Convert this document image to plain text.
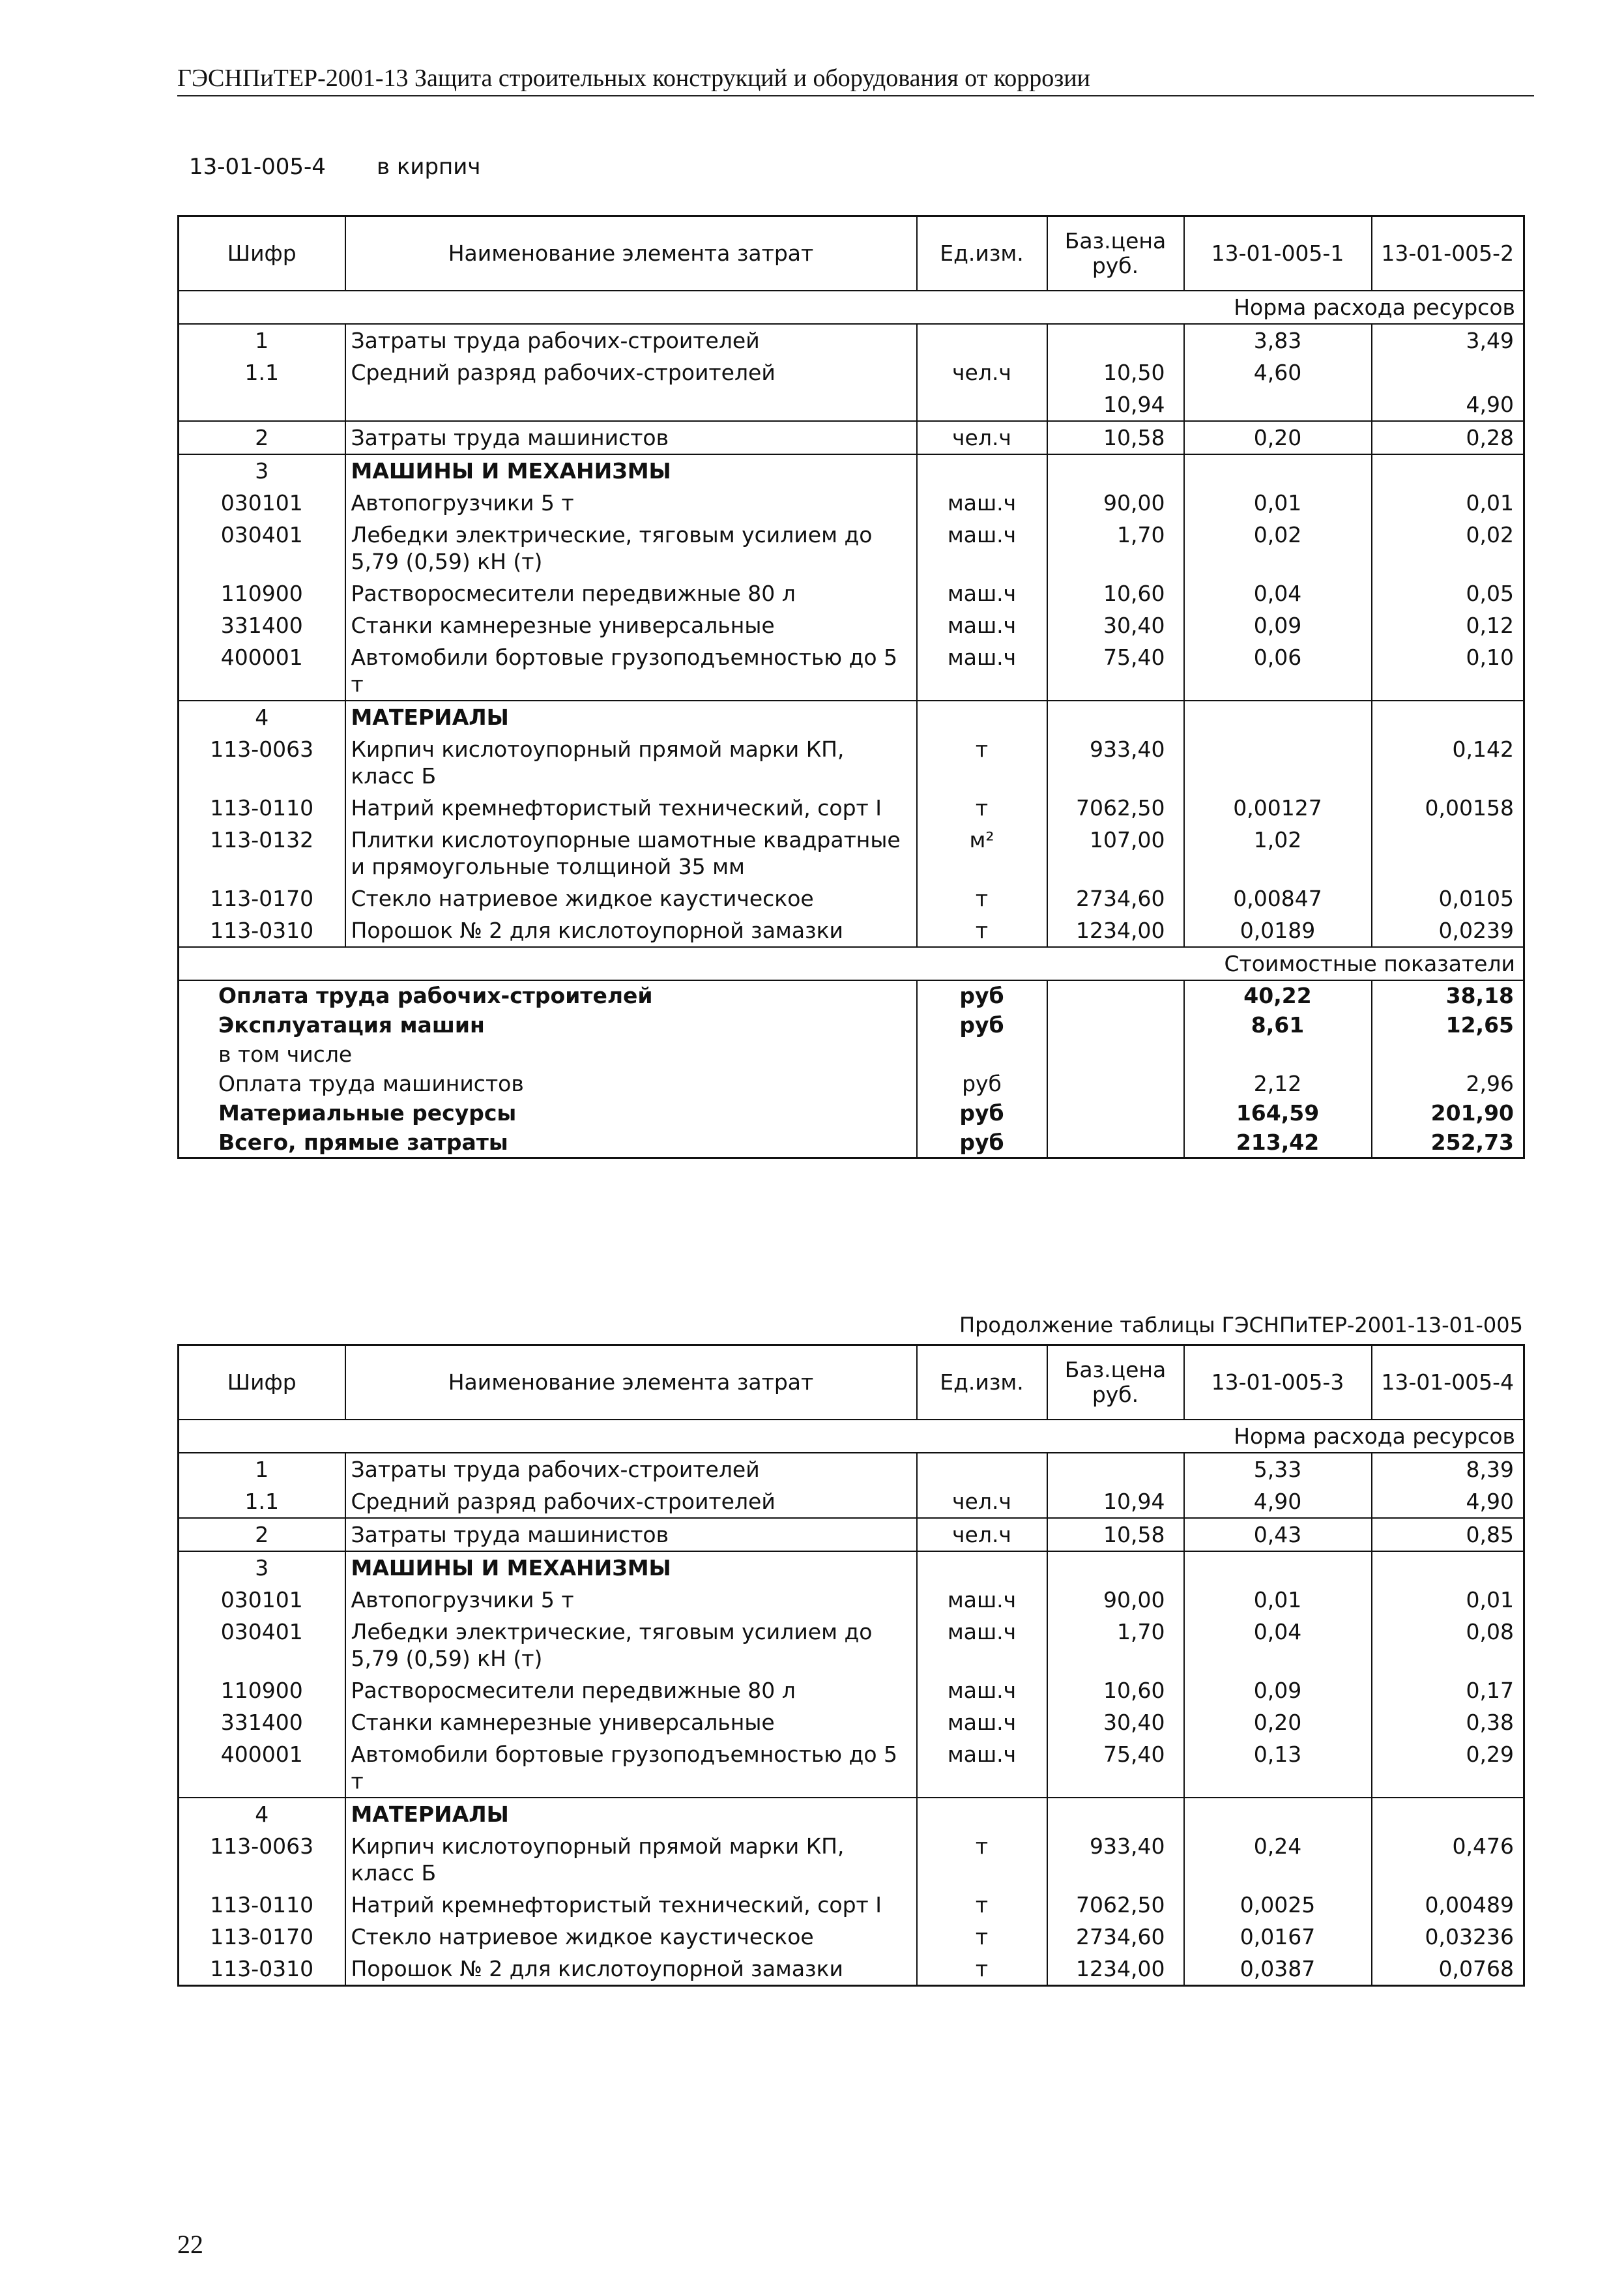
ГЭСНПиТЕР-2001-13 Защита строительных конструкций и оборудования от коррозии
13-01-005-4 в кирпич
Шифр	Наименование элемента затрат	Ед.изм.	Баз.цена руб.	13-01-005-1	13-01-005-2
Норма расхода ресурсов					
1	Затраты труда рабочих-строителей			3,83	3,49
1.1	Средний разряд рабочих-строителей	чел.ч	10,50	4,60	
			10,94		4,90
2	Затраты труда машинистов	чел.ч	10,58	0,20	0,28
3	МАШИНЫ И МЕХАНИЗМЫ				
030101	Автопогрузчики 5 т	маш.ч	90,00	0,01	0,01
030401	Лебедки электрические, тяговым усилием до 5,79 (0,59) кН (т)	маш.ч	1,70	0,02	0,02
110900	Растворосмесители передвижные 80 л	маш.ч	10,60	0,04	0,05
331400	Станки камнерезные универсальные	маш.ч	30,40	0,09	0,12
400001	Автомобили бортовые грузоподъемностью до 5 т	маш.ч	75,40	0,06	0,10
4	МАТЕРИАЛЫ				
113-0063	Кирпич кислотоупорный прямой марки КП, класс Б	т	933,40		0,142
113-0110	Натрий кремнефтористый технический, сорт I	т	7062,50	0,00127	0,00158
113-0132	Плитки кислотоупорные шамотные квадратные и прямоугольные толщиной 35 мм	м²	107,00	1,02	
113-0170	Стекло натриевое жидкое каустическое	т	2734,60	0,00847	0,0105
113-0310	Порошок № 2 для кислотоупорной замазки	т	1234,00	0,0189	0,0239
Стоимостные показатели					
Оплата труда рабочих-строителей		руб		40,22	38,18
Эксплуатация машин		руб		8,61	12,65
в том числе					
Оплата труда машинистов		руб		2,12	2,96
Материальные ресурсы		руб		164,59	201,90
Всего, прямые затраты		руб		213,42	252,73
Продолжение таблицы ГЭСНПиТЕР-2001-13-01-005
Шифр	Наименование элемента затрат	Ед.изм.	Баз.цена руб.	13-01-005-3	13-01-005-4
Норма расхода ресурсов					
1	Затраты труда рабочих-строителей			5,33	8,39
1.1	Средний разряд рабочих-строителей	чел.ч	10,94	4,90	4,90
2	Затраты труда машинистов	чел.ч	10,58	0,43	0,85
3	МАШИНЫ И МЕХАНИЗМЫ				
030101	Автопогрузчики 5 т	маш.ч	90,00	0,01	0,01
030401	Лебедки электрические, тяговым усилием до 5,79 (0,59) кН (т)	маш.ч	1,70	0,04	0,08
110900	Растворосмесители передвижные 80 л	маш.ч	10,60	0,09	0,17
331400	Станки камнерезные универсальные	маш.ч	30,40	0,20	0,38
400001	Автомобили бортовые грузоподъемностью до 5 т	маш.ч	75,40	0,13	0,29
4	МАТЕРИАЛЫ				
113-0063	Кирпич кислотоупорный прямой марки КП, класс Б	т	933,40	0,24	0,476
113-0110	Натрий кремнефтористый технический, сорт I	т	7062,50	0,0025	0,00489
113-0170	Стекло натриевое жидкое каустическое	т	2734,60	0,0167	0,03236
113-0310	Порошок № 2 для кислотоупорной замазки	т	1234,00	0,0387	0,0768
22
